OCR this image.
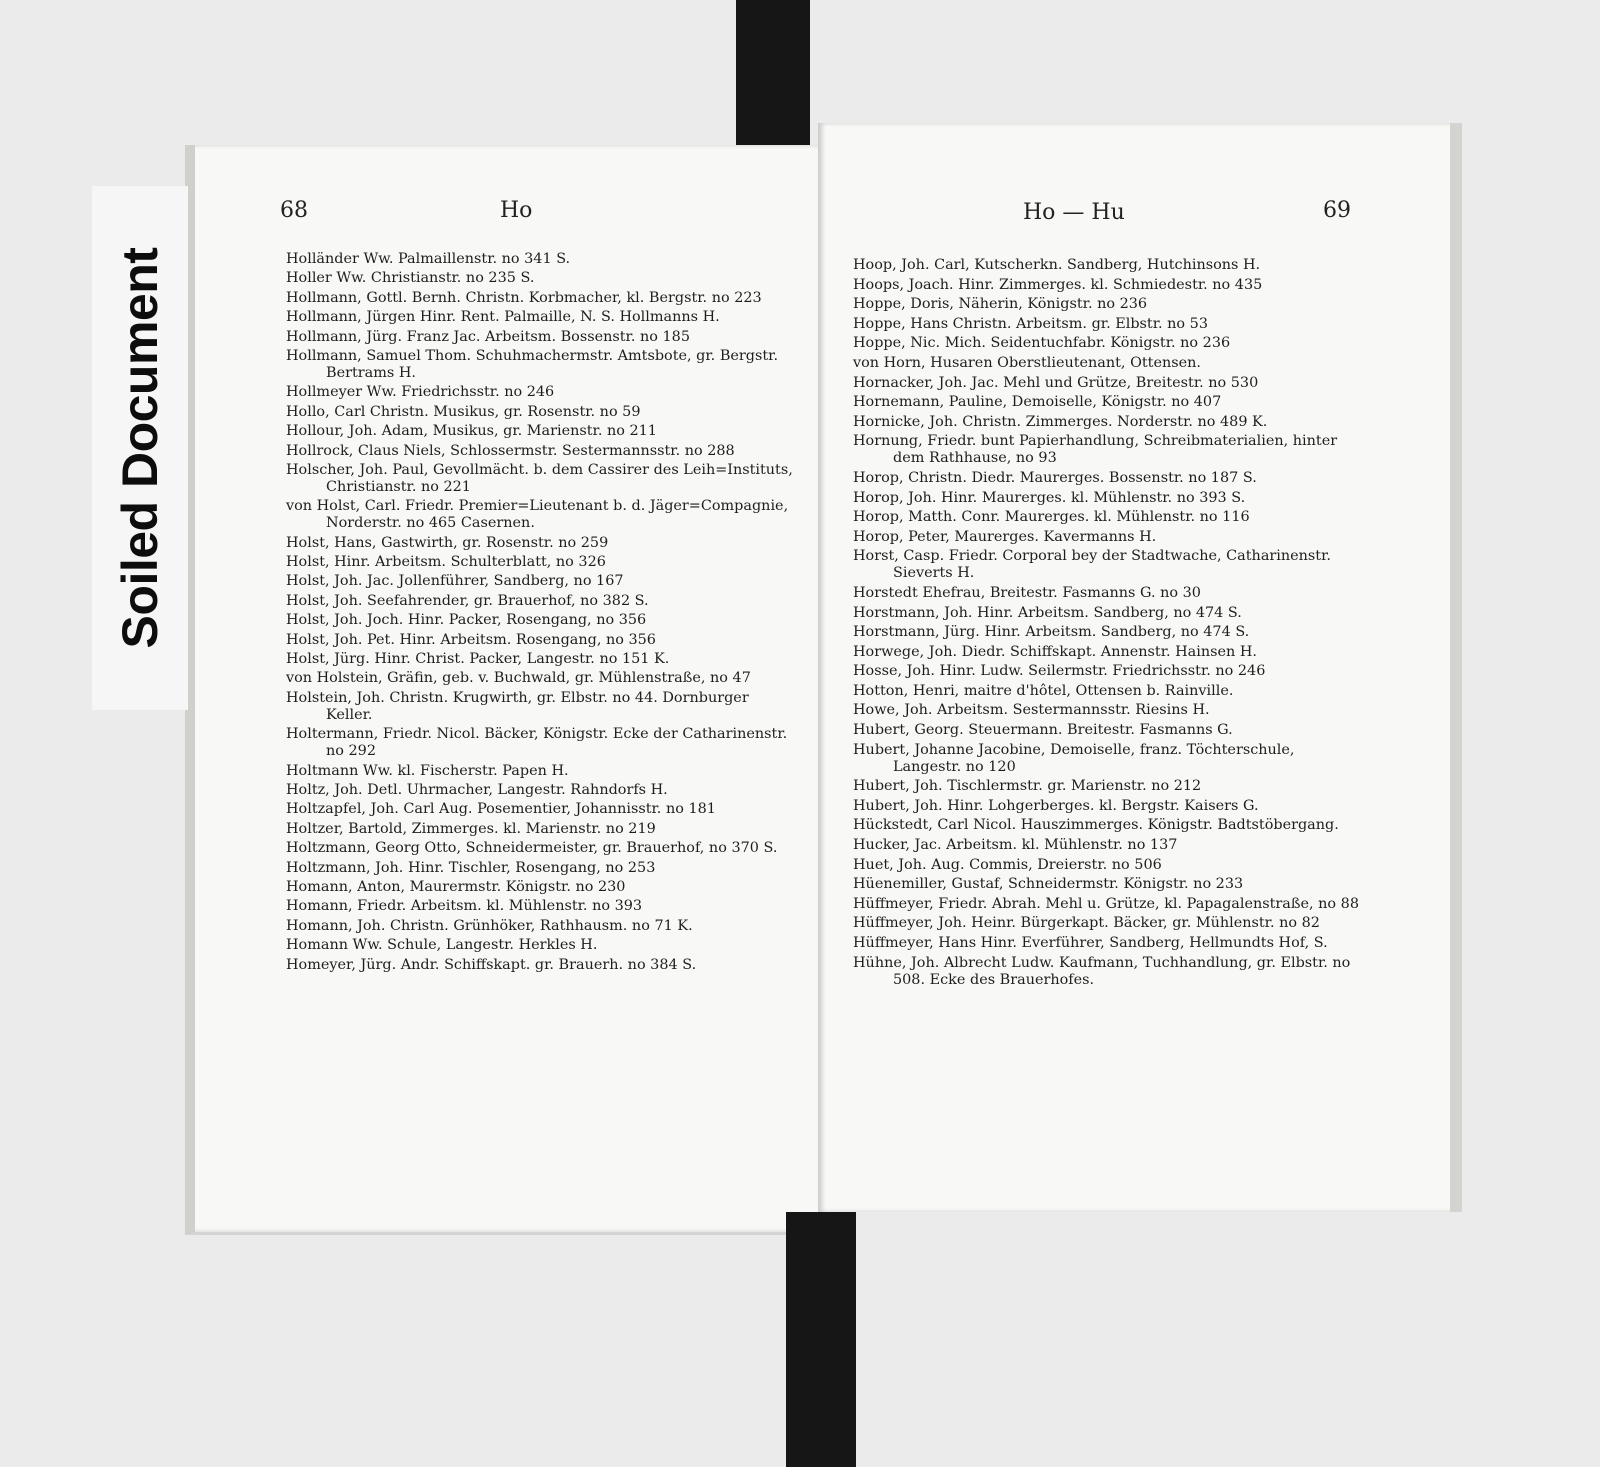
68	Ho
Holländer Ww. Palmaillenstr. no 341 S.
Holler Ww. Christianstr. no 235 S.
Hollmann, Gottl. Bernh. Christn. Korbmacher, kl. Bergstr. no 223
Hollmann, Jürgen Hinr. Rent. Palmaille, N. S. Hollmanns H.
Hollmann, Jürg. Franz Jac. Arbeitsm. Bossenstr. no 185
Hollmann, Samuel Thom. Schuhmachermstr. Amtsbote, gr. Bergstr. Bertrams H.
Hollmeyer Ww. Friedrichsstr. no 246
Hollo, Carl Christn. Musikus, gr. Rosenstr. no 59
Hollour, Joh. Adam, Musikus, gr. Marienstr. no 211
Hollrock, Claus Niels, Schlossermstr. Sestermannsstr. no 288
Holscher, Joh. Paul, Gevollmächt. b. dem Cassirer des Leih=Instituts, Christianstr. no 221
von Holst, Carl. Friedr. Premier=Lieutenant b. d. Jäger=Compagnie, Norderstr. no 465 Casernen.
Holst, Hans, Gastwirth, gr. Rosenstr. no 259
Holst, Hinr. Arbeitsm. Schulterblatt, no 326
Holst, Joh. Jac. Jollenführer, Sandberg, no 167
Holst, Joh. Seefahrender, gr. Brauerhof, no 382 S.
Holst, Joh. Joch. Hinr. Packer, Rosengang, no 356
Holst, Joh. Pet. Hinr. Arbeitsm. Rosengang, no 356
Holst, Jürg. Hinr. Christ. Packer, Langestr. no 151 K.
von Holstein, Gräfin, geb. v. Buchwald, gr. Mühlenstraße, no 47
Holstein, Joh. Christn. Krugwirth, gr. Elbstr. no 44. Dornburger Keller.
Holtermann, Friedr. Nicol. Bäcker, Königstr. Ecke der Catharinenstr. no 292
Holtmann Ww. kl. Fischerstr. Papen H.
Holtz, Joh. Detl. Uhrmacher, Langestr. Rahndorfs H.
Holtzapfel, Joh. Carl Aug. Posementier, Johannisstr. no 181
Holtzer, Bartold, Zimmerges. kl. Marienstr. no 219
Holtzmann, Georg Otto, Schneidermeister, gr. Brauerhof, no 370 S.
Holtzmann, Joh. Hinr. Tischler, Rosengang, no 253
Homann, Anton, Maurermstr. Königstr. no 230
Homann, Friedr. Arbeitsm. kl. Mühlenstr. no 393
Homann, Joh. Christn. Grünhöker, Rathhausm. no 71 K.
Homann Ww. Schule, Langestr. Herkles H.
Homeyer, Jürg. Andr. Schiffskapt. gr. Brauerh. no 384 S.
Ho — Hu	69
Hoop, Joh. Carl, Kutscherkn. Sandberg, Hutchinsons H.
Hoops, Joach. Hinr. Zimmerges. kl. Schmiedestr. no 435
Hoppe, Doris, Näherin, Königstr. no 236
Hoppe, Hans Christn. Arbeitsm. gr. Elbstr. no 53
Hoppe, Nic. Mich. Seidentuchfabr. Königstr. no 236
von Horn, Husaren Oberstlieutenant, Ottensen.
Hornacker, Joh. Jac. Mehl und Grütze, Breitestr. no 530
Hornemann, Pauline, Demoiselle, Königstr. no 407
Hornicke, Joh. Christn. Zimmerges. Norderstr. no 489 K.
Hornung, Friedr. bunt Papierhandlung, Schreibmaterialien, hinter dem Rathhause, no 93
Horop, Christn. Diedr. Maurerges. Bossenstr. no 187 S.
Horop, Joh. Hinr. Maurerges. kl. Mühlenstr. no 393 S.
Horop, Matth. Conr. Maurerges. kl. Mühlenstr. no 116
Horop, Peter, Maurerges. Kavermanns H.
Horst, Casp. Friedr. Corporal bey der Stadtwache, Catharinenstr. Sieverts H.
Horstedt Ehefrau, Breitestr. Fasmanns G. no 30
Horstmann, Joh. Hinr. Arbeitsm. Sandberg, no 474 S.
Horstmann, Jürg. Hinr. Arbeitsm. Sandberg, no 474 S.
Horwege, Joh. Diedr. Schiffskapt. Annenstr. Hainsen H.
Hosse, Joh. Hinr. Ludw. Seilermstr. Friedrichsstr. no 246
Hotton, Henri, maitre d'hôtel, Ottensen b. Rainville.
Howe, Joh. Arbeitsm. Sestermannsstr. Riesins H.
Hubert, Georg. Steuermann. Breitestr. Fasmanns G.
Hubert, Johanne Jacobine, Demoiselle, franz. Töchterschule, Langestr. no 120
Hubert, Joh. Tischlermstr. gr. Marienstr. no 212
Hubert, Joh. Hinr. Lohgerberges. kl. Bergstr. Kaisers G.
Hückstedt, Carl Nicol. Hauszimmerges. Königstr. Badtstöbergang.
Hucker, Jac. Arbeitsm. kl. Mühlenstr. no 137
Huet, Joh. Aug. Commis, Dreierstr. no 506
Hüenemiller, Gustaf, Schneidermstr. Königstr. no 233
Hüffmeyer, Friedr. Abrah. Mehl u. Grütze, kl. Papagalenstraße, no 88
Hüffmeyer, Joh. Heinr. Bürgerkapt. Bäcker, gr. Mühlenstr. no 82
Hüffmeyer, Hans Hinr. Everführer, Sandberg, Hellmundts Hof, S.
Hühne, Joh. Albrecht Ludw. Kaufmann, Tuchhandlung, gr. Elbstr. no 508. Ecke des Brauerhofes.
Soiled Document
